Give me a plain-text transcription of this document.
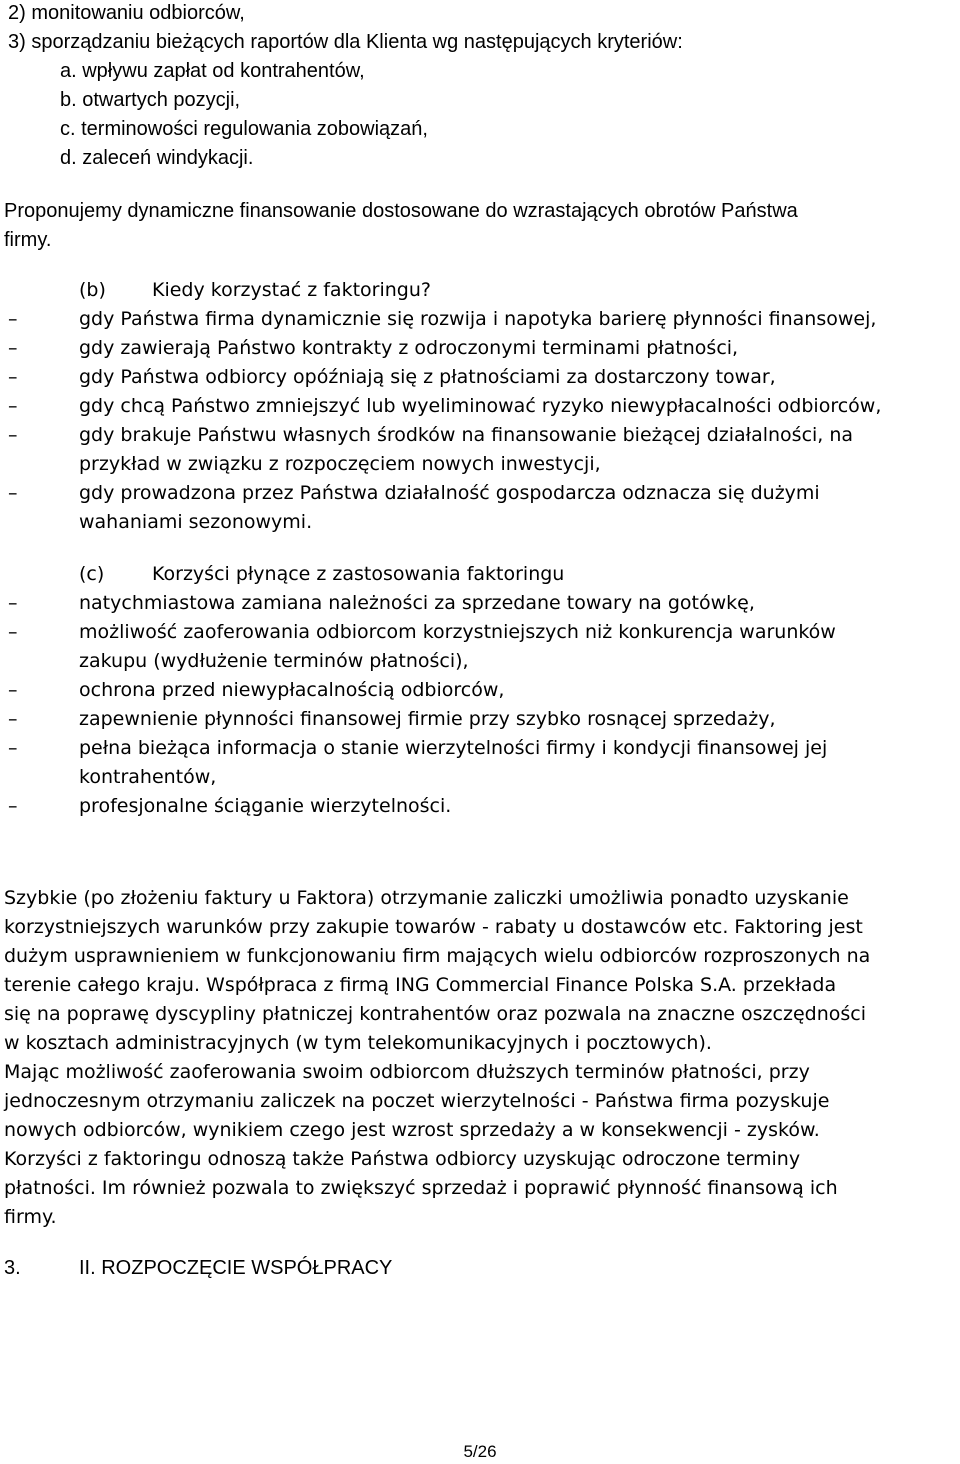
2) monitowaniu odbiorców,
3) sporządzaniu bieżących raportów dla Klienta wg następujących kryteriów:
a. wpływu zapłat od kontrahentów,
b. otwartych pozycji,
c. terminowości regulowania zobowiązań,
d. zaleceń windykacji.
Proponujemy dynamiczne finansowanie dostosowane do wzrastających obrotów Państwa
firmy.
(b) Kiedy korzystać z faktoringu?
–	gdy Państwa firma dynamicznie się rozwija i napotyka barierę płynności finansowej,
–	gdy zawierają Państwo kontrakty z odroczonymi terminami płatności,
–	gdy Państwa odbiorcy opóźniają się z płatnościami za dostarczony towar,
–	gdy chcą Państwo zmniejszyć lub wyeliminować ryzyko niewypłacalności odbiorców,
–	gdy brakuje Państwu własnych środków na finansowanie bieżącej działalności, na
przykład w związku z rozpoczęciem nowych inwestycji,
–	gdy prowadzona przez Państwa działalność gospodarcza odznacza się dużymi
wahaniami sezonowymi.
(c)	Korzyści płynące z zastosowania faktoringu
–	natychmiastowa zamiana należności za sprzedane towary na gotówkę,
–	możliwość zaoferowania odbiorcom korzystniejszych niż konkurencja warunków
zakupu (wydłużenie terminów płatności),
–	ochrona przed niewypłacalnością odbiorców,
–	zapewnienie płynności finansowej firmie przy szybko rosnącej sprzedaży,
–	pełna bieżąca informacja o stanie wierzytelności firmy i kondycji finansowej jej
kontrahentów,
–	profesjonalne ściąganie wierzytelności.
Szybkie (po złożeniu faktury u Faktora) otrzymanie zaliczki umożliwia ponadto uzyskanie
korzystniejszych warunków przy zakupie towarów - rabaty u dostawców etc. Faktoring jest
dużym usprawnieniem w funkcjonowaniu firm mających wielu odbiorców rozproszonych na
terenie całego kraju. Współpraca z firmą ING Commercial Finance Polska S.A. przekłada
się na poprawę dyscypliny płatniczej kontrahentów oraz pozwala na znaczne oszczędności
w kosztach administracyjnych (w tym telekomunikacyjnych i pocztowych).
Mając możliwość zaoferowania swoim odbiorcom dłuższych terminów płatności, przy
jednoczesnym otrzymaniu zaliczek na poczet wierzytelności - Państwa firma pozyskuje
nowych odbiorców, wynikiem czego jest wzrost sprzedaży a w konsekwencji - zysków.
Korzyści z faktoringu odnoszą także Państwa odbiorcy uzyskując odroczone terminy
płatności. Im również pozwala to zwiększyć sprzedaż i poprawić płynność finansową ich
firmy.
3.	II. ROZPOCZĘCIE WSPÓŁPRACY
5/26
